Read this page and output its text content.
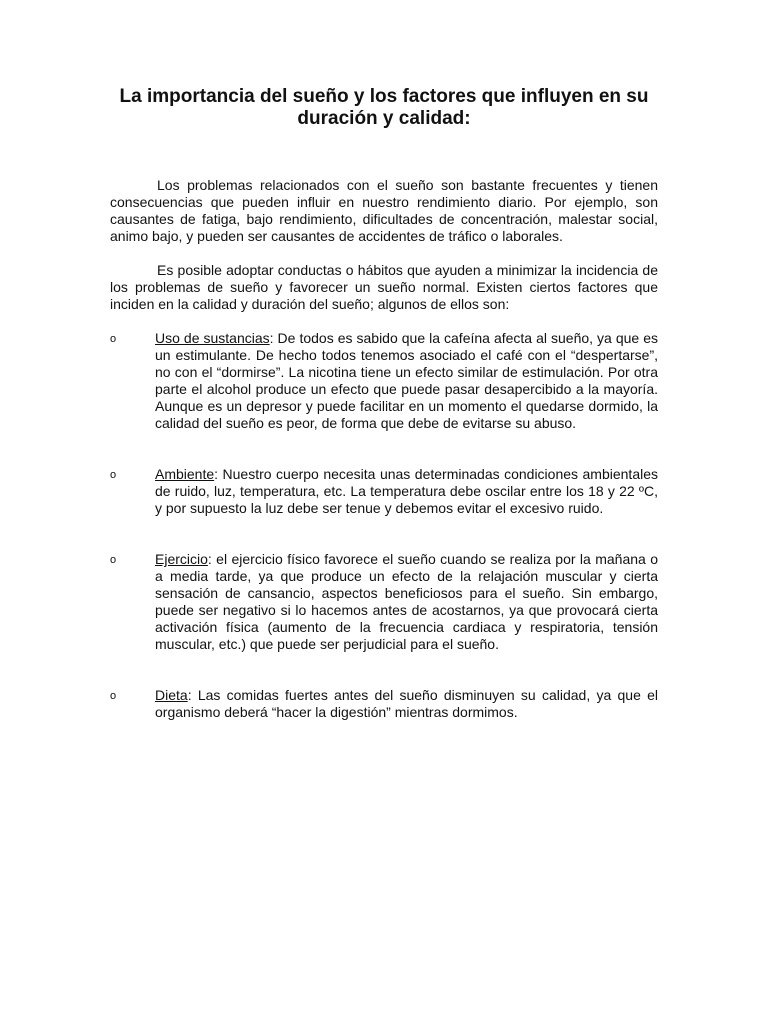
La importancia del sueño y los factores que influyen en su duración y calidad:

Los problemas relacionados con el sueño son bastante frecuentes y tienen consecuencias que pueden influir en nuestro rendimiento diario. Por ejemplo, son causantes de fatiga, bajo rendimiento, dificultades de concentración, malestar social, animo bajo, y pueden ser causantes de accidentes de tráfico o laborales.

Es posible adoptar conductas o hábitos que ayuden a minimizar la incidencia de los problemas de sueño y favorecer un sueño normal. Existen ciertos factores que inciden en la calidad y duración del sueño; algunos de ellos son:

o	Uso de sustancias: De todos es sabido que la cafeína afecta al sueño, ya que es un estimulante. De hecho todos tenemos asociado el café con el “despertarse”, no con el “dormirse”. La nicotina tiene un efecto similar de estimulación. Por otra parte el alcohol produce un efecto que puede pasar desapercibido a la mayoría. Aunque es un depresor y puede facilitar en un momento el quedarse dormido, la calidad del sueño es peor, de forma que debe de evitarse su abuso.
o	Ambiente: Nuestro cuerpo necesita unas determinadas condiciones ambientales de ruido, luz, temperatura, etc. La temperatura debe oscilar entre los 18 y 22 ºC, y por supuesto la luz debe ser tenue y debemos evitar el excesivo ruido.
o	Ejercicio: el ejercicio físico favorece el sueño cuando se realiza por la mañana o a media tarde, ya que produce un efecto de la relajación muscular y cierta sensación de cansancio, aspectos beneficiosos para el sueño. Sin embargo, puede ser negativo si lo hacemos antes de acostarnos, ya que provocará cierta activación física (aumento de la frecuencia cardiaca y respiratoria, tensión muscular, etc.) que puede ser perjudicial para el sueño.
o	Dieta: Las comidas fuertes antes del sueño disminuyen su calidad, ya que el organismo deberá “hacer la digestión” mientras dormimos.
